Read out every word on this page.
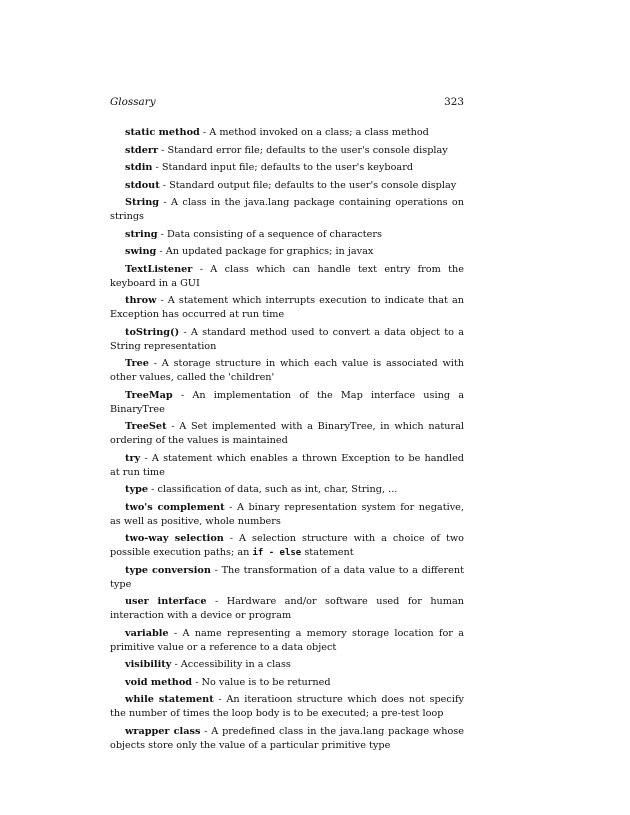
Glossary	323

static method - A method invoked on a class; a class method

stderr - Standard error file; defaults to the user's console display

stdin - Standard input file; defaults to the user's keyboard

stdout - Standard output file; defaults to the user's console display

String - A class in the java.lang package containing operations on strings

string - Data consisting of a sequence of characters

swing - An updated package for graphics; in javax

TextListener - A class which can handle text entry from the keyboard in a GUI

throw - A statement which interrupts execution to indicate that an Exception has occurred at run time

toString() - A standard method used to convert a data object to a String representation

Tree - A storage structure in which each value is associated with other values, called the 'children'

TreeMap - An implementation of the Map interface using a BinaryTree

TreeSet - A Set implemented with a BinaryTree, in which natural ordering of the values is maintained

try - A statement which enables a thrown Exception to be handled at run time

type - classification of data, such as int, char, String, ...

two's complement - A binary representation system for negative, as well as positive, whole numbers

two-way selection - A selection structure with a choice of two possible execution paths; an if - else statement

type conversion - The transformation of a data value to a different type

user interface - Hardware and/or software used for human interaction with a device or program

variable - A name representing a memory storage location for a primitive value or a reference to a data object

visibility - Accessibility in a class

void method - No value is to be returned

while statement - An iteratioon structure which does not specify the number of times the loop body is to be executed; a pre-test loop

wrapper class - A predefined class in the java.lang package whose objects store only the value of a particular primitive type
